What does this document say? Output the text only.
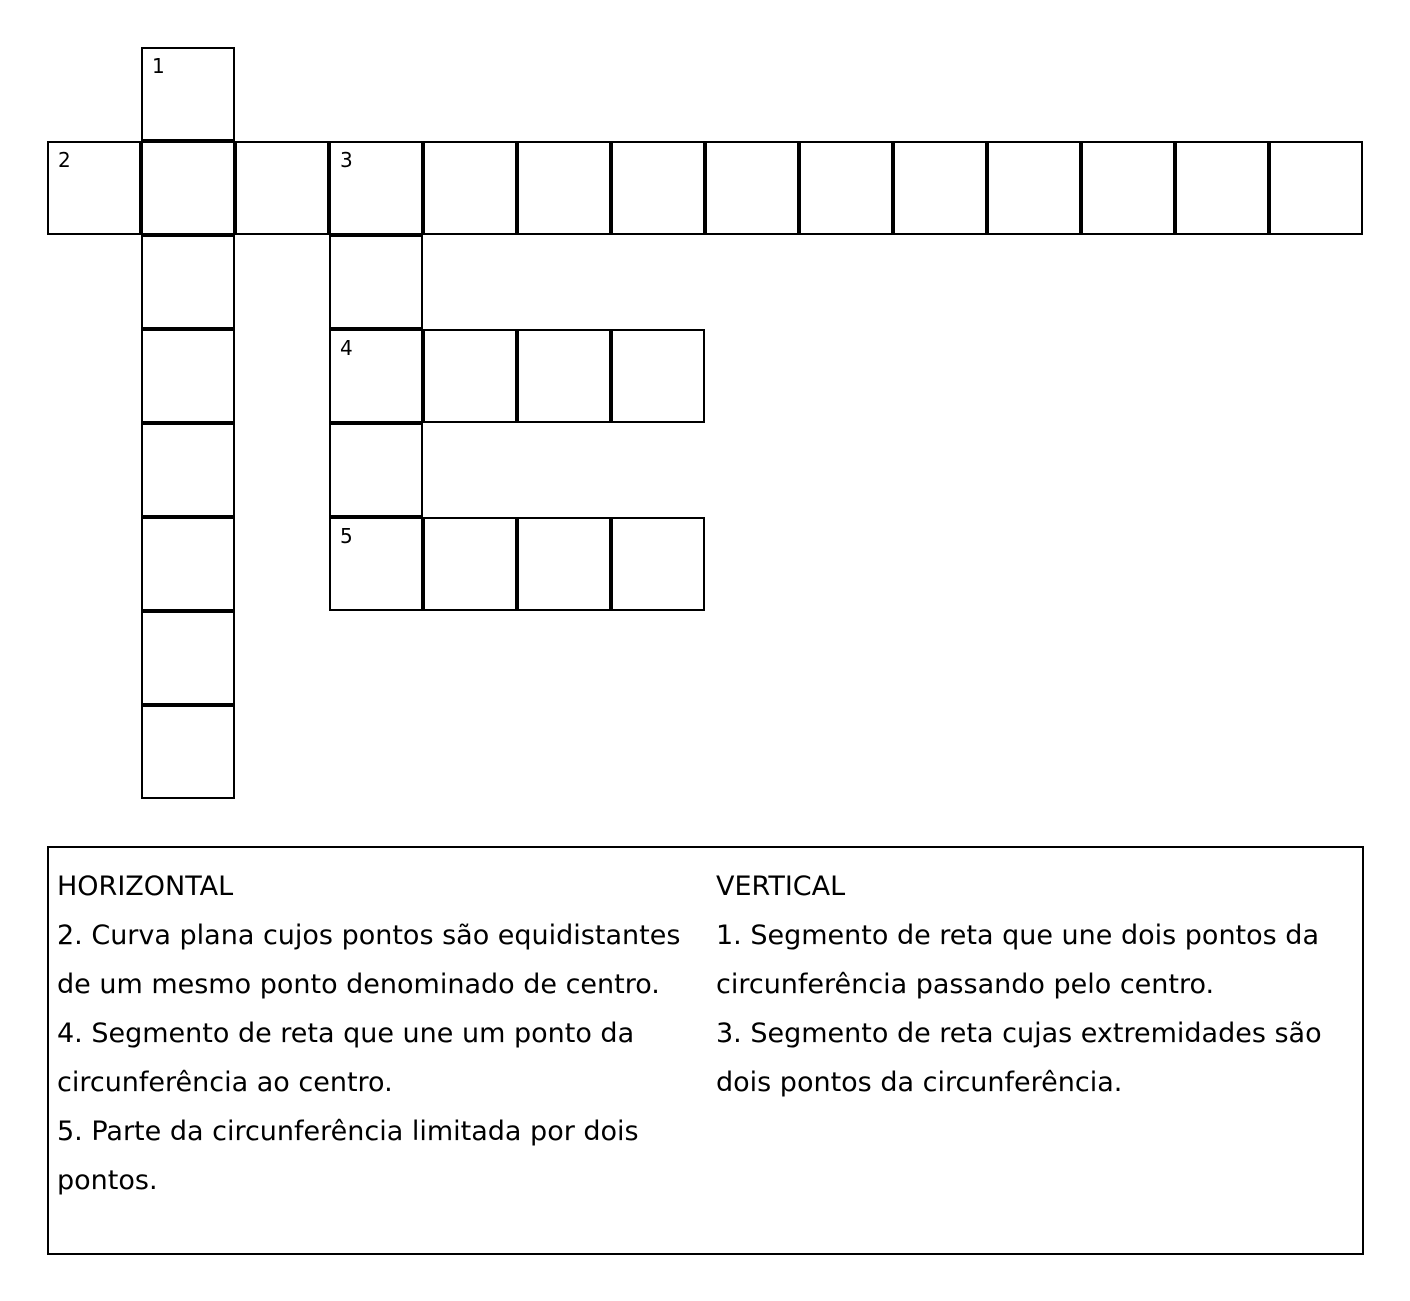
1
2	3
4
5

HORIZONTAL

2. Curva plana cujos pontos são equidistantes de um mesmo ponto denominado de centro.

4. Segmento de reta que une um ponto da circunferência ao centro.

5. Parte da circunferência limitada por dois pontos.

VERTICAL

1. Segmento de reta que une dois pontos da circunferência passando pelo centro.

3. Segmento de reta cujas extremidades são dois pontos da circunferência.
